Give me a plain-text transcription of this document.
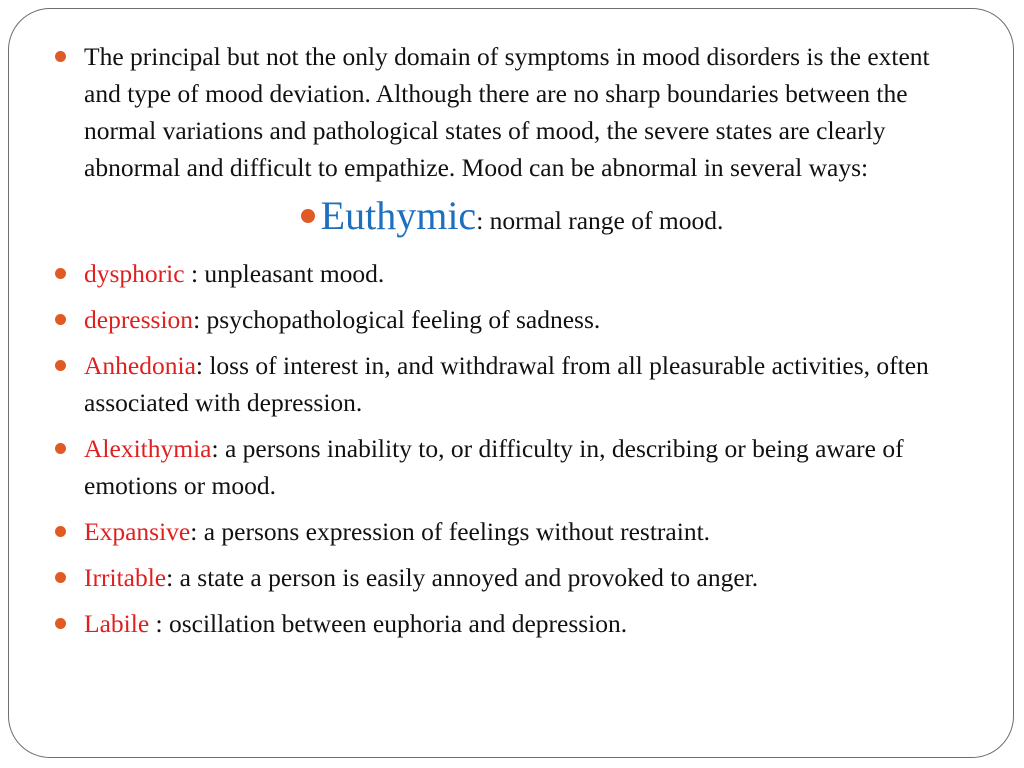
The principal but not the only domain of symptoms in mood disorders is the extent and type of mood deviation. Although there are no sharp boundaries between the normal variations and pathological states of mood, the severe states are clearly abnormal and difficult to empathize. Mood can be abnormal in several ways:
Euthymic: normal range of mood.
dysphoric : unpleasant mood.
depression: psychopathological feeling of sadness.
Anhedonia: loss of interest in, and withdrawal from all pleasurable activities, often associated with depression.
Alexithymia: a persons inability to, or difficulty in, describing or being aware of emotions or mood.
Expansive: a persons expression of feelings without restraint.
Irritable: a state a person is easily annoyed and provoked to anger.
Labile : oscillation between euphoria and depression.
